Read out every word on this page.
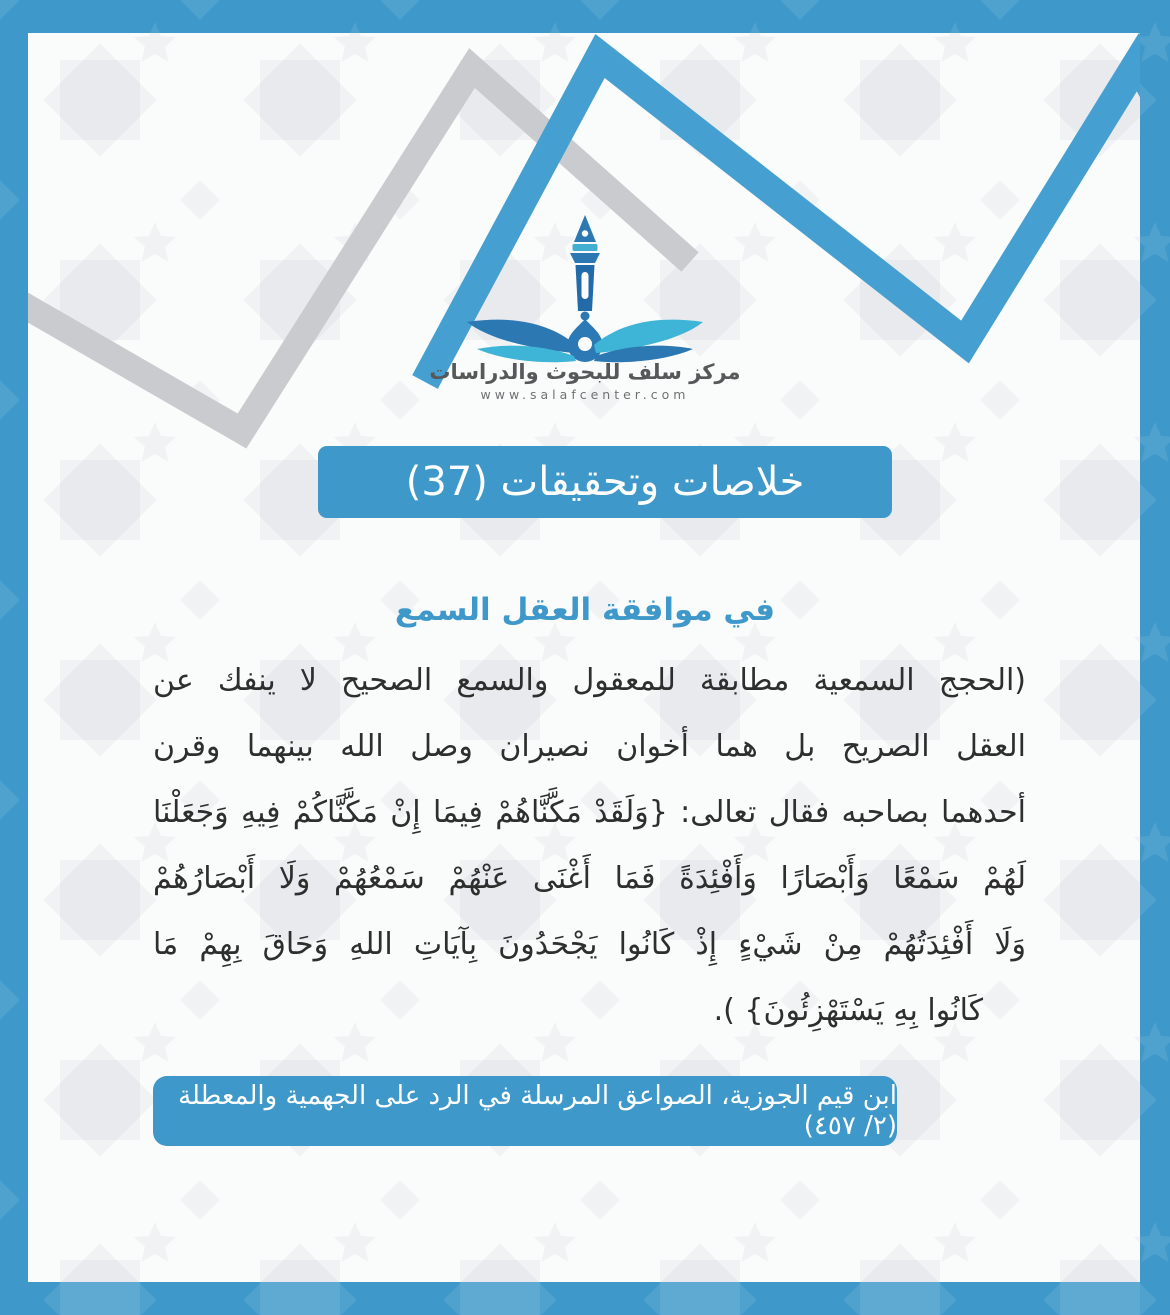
مركز سلف للبحوث والدراسات
www.salafcenter.com
خلاصات وتحقيقات (37)
في موافقة العقل السمع
(الحجج السمعية مطابقة للمعقول والسمع الصحيح لا ينفك عن
العقل الصريح بل هما أخوان نصيران وصل الله بينهما وقرن
أحدهما بصاحبه فقال تعالى: {وَلَقَدْ مَكَّنَّاهُمْ فِيمَا إِنْ مَكَّنَّاكُمْ فِيهِ وَجَعَلْنَا
لَهُمْ سَمْعًا وَأَبْصَارًا وَأَفْئِدَةً فَمَا أَغْنَى عَنْهُمْ سَمْعُهُمْ وَلَا أَبْصَارُهُمْ
وَلَا أَفْئِدَتُهُمْ مِنْ شَيْءٍ إِذْ كَانُوا يَجْحَدُونَ بِآيَاتِ اللهِ وَحَاقَ بِهِمْ مَا
كَانُوا بِهِ يَسْتَهْزِئُونَ} ).
ابن قيم الجوزية، الصواعق المرسلة في الرد على الجهمية والمعطلة (٢/ ٤٥٧)
